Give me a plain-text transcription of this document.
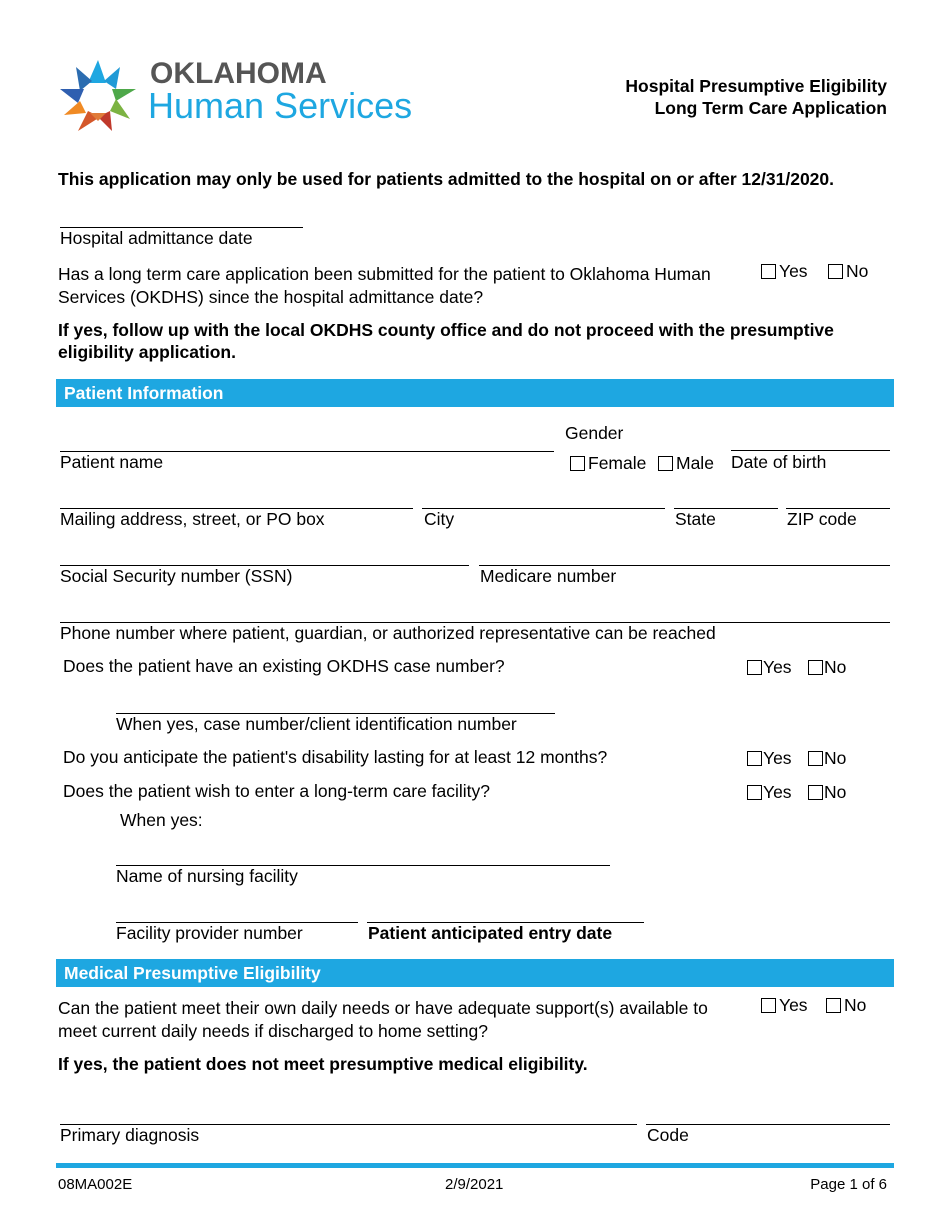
OKLAHOMA
Human Services	Hospital Presumptive Eligibility
Long Term Care Application
This application may only be used for patients admitted to the hospital on or after 12/31/2020.
Hospital admittance date
Has a long term care application been submitted for the patient to Oklahoma Human
Services (OKDHS) since the hospital admittance date?
Yes	No
If yes, follow up with the local OKDHS county office and do not proceed with the presumptive
eligibility application.
Patient Information
Gender
Patient name	Female	Male Date of birth
Mailing address, street, or PO box	City	State	ZIP code
Social Security number (SSN)	Medicare number
Phone number where patient, guardian, or authorized representative can be reached
Does the patient have an existing OKDHS case number?	Yes	No
When yes, case number/client identification number
Do you anticipate the patient's disability lasting for at least 12 months?	Yes	No
Does the patient wish to enter a long-term care facility?	Yes	No
When yes:
Name of nursing facility
Facility provider number	Patient anticipated entry date
Medical Presumptive Eligibility
Can the patient meet their own daily needs or have adequate support(s) available to
meet current daily needs if discharged to home setting?
Yes	No
If yes, the patient does not meet presumptive medical eligibility.
Primary diagnosis	Code
08MA002E	2/9/2021	Page 1 of 6
